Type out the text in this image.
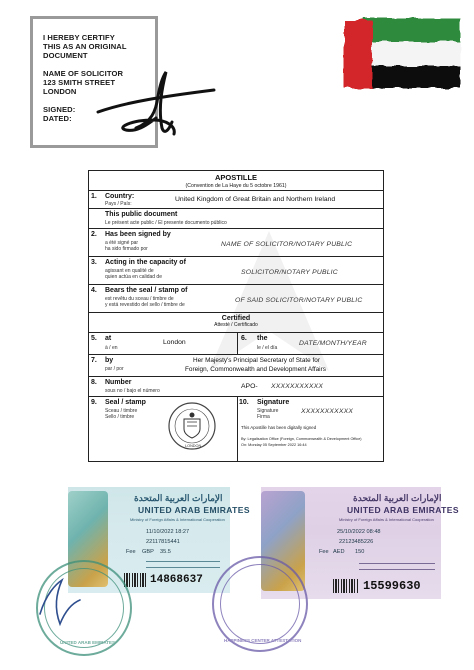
I HEREBY CERTIFY
THIS AS AN ORIGINAL
DOCUMENT
NAME OF SOLICITOR
123 SMITH STREET
LONDON
SIGNED:
DATED:
APOSTILLE
(Convention de La Haye du 5 octobre 1961)
1. Country:
Pays / País:
United Kingdom of Great Britain and Northern Ireland
This public document
Le présent acte public / El presente documento público
2. Has been signed by
a été signé par
ha sido firmado por
NAME OF SOLICITOR/NOTARY PUBLIC
3. Acting in the capacity of
agissant en qualité de
quien actúa en calidad de
SOLICITOR/NOTARY PUBLIC
4. Bears the seal / stamp of
est revêtu du sceau / timbre de
y está revestido del sello / timbre de
OF SAID SOLICITOR/NOTARY PUBLIC
Certified
Attesté / Certificado
5. at
à / en
London
6. the
le / el día
DATE/MONTH/YEAR
7. by
par / por
Her Majesty's Principal Secretary of State for
Foreign, Commonwealth and Development Affairs
8. Number
sous no / bajo el número
APO- XXXXXXXXXXX
9. Seal / stamp
Sceau / timbre
Sello / timbre
LONDON
10. Signature
Signature
Firma
XXXXXXXXXXX
This Apostille has been digitally signed
By: Legalisation Office (Foreign, Commonwealth & Development Office)
On: Monday 05 September 2022 16:44
الإمارات العربية المتحدة
UNITED ARAB EMIRATES
Ministry of Foreign Affairs & International Cooperation
11/10/2022 18:27
22117815441
Fee GBP 35.5
14868637
الإمارات العربية المتحدة
UNITED ARAB EMIRATES
Ministry of Foreign Affairs & International Cooperation
25/10/2022 08:48
22123485226
Fee AED 150
15599630
UNITED ARAB EMIRATES	HAPPINESS CENTER ATTESTATION
